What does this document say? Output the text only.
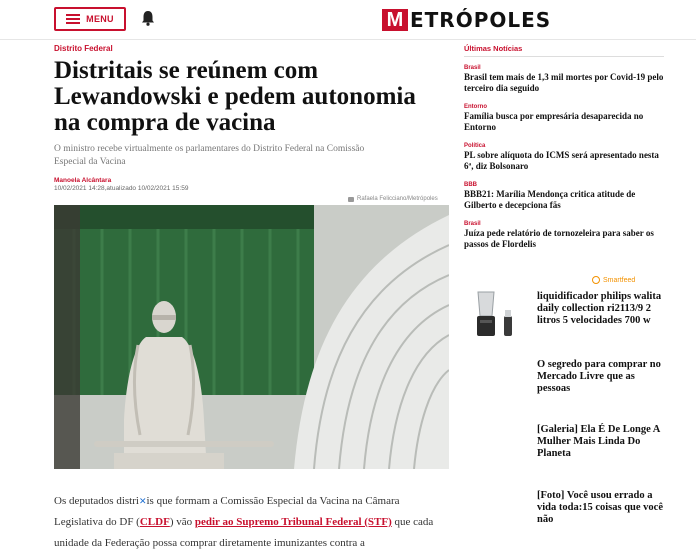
MENU	M ETRÓPOLES
Distrito Federal
Distritais se reúnem com Lewandowski e pedem autonomia na compra de vacina

O ministro recebe virtualmente os parlamentares do Distrito Federal na Comissão Especial da Vacina

Manoela Alcântara
10/02/2021 14:28,atualizado 10/02/2021 15:59
Rafaela Felicciano/Metrópoles

Os deputados distri✕is que formam a Comissão Especial da Vacina na Câmara Legislativa do DF (CLDF) vão pedir ao Supremo Tribunal Federal (STF) que cada unidade da Federação possa comprar diretamente imunizantes contra a

Últimas Notícias
Brasil
Brasil tem mais de 1,3 mil mortes por Covid-19 pelo terceiro dia seguido
Entorno
Família busca por empresária desaparecida no Entorno
Política
PL sobre alíquota do ICMS será apresentado nesta 6ª, diz Bolsonaro
BBB
BBB21: Marília Mendonça critica atitude de Gilberto e decepciona fãs
Brasil
Juíza pede relatório de tornozeleira para saber os passos de Flordelis
Smartfeed
liquidificador philips walita daily collection ri2113/9 2 litros 5 velocidades 700 w
O segredo para comprar no Mercado Livre que as pessoas
[Galeria] Ela É De Longe A Mulher Mais Linda Do Planeta
[Foto] Você usou errado a vida toda:15 coisas que você não
